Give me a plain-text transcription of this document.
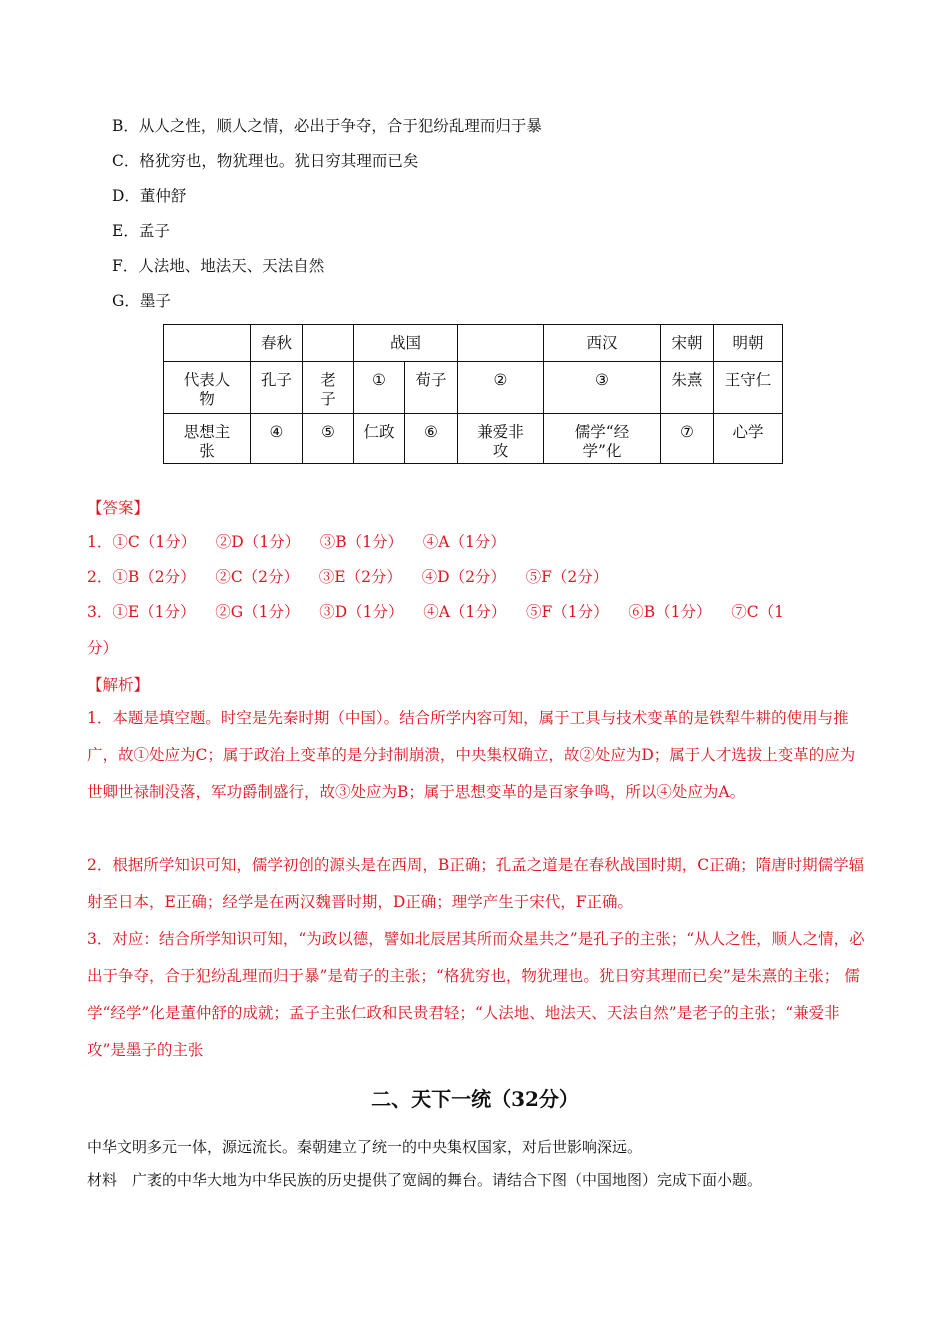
B．从人之性，顺人之情，必出于争夺，合于犯纷乱理而归于暴
C．格犹穷也，物犹理也。犹日穷其理而已矣
D．董仲舒
E．孟子
F．人法地、地法天、天法自然
G．墨子
	春秋		战国			西汉	宋朝	明朝
代表人物	孔子	老子	①	荀子	②	③	朱熹	王守仁
思想主张	④	⑤	仁政	⑥	兼爱非攻	儒学“经学”化	⑦	心学
【答案】
1．①C（1分）    ②D（1分）    ③B（1分）    ④A（1分）
2．①B（2分）    ②C（2分）    ③E（2分）    ④D（2分）    ⑤F（2分）
3．①E（1分）    ②G（1分）    ③D（1分）    ④A（1分）    ⑤F（1分）    ⑥B（1分）    ⑦C（1
分）
【解析】
1．本题是填空题。时空是先秦时期（中国）。结合所学内容可知，属于工具与技术变革的是铁犁牛耕的使用与推广，故①处应为C；属于政治上变革的是分封制崩溃，中央集权确立，故②处应为D；属于人才选拔上变革的应为世卿世禄制没落，军功爵制盛行，故③处应为B；属于思想变革的是百家争鸣，所以④处应为A。
2．根据所学知识可知，儒学初创的源头是在西周，B正确；孔孟之道是在春秋战国时期，C正确；隋唐时期儒学辐射至日本，E正确；经学是在两汉魏晋时期，D正确；理学产生于宋代，F正确。
3．对应：结合所学知识可知，“为政以德，譬如北辰居其所而众星共之”是孔子的主张；“从人之性，顺人之情，必出于争夺，合于犯纷乱理而归于暴”是荀子的主张；“格犹穷也，物犹理也。犹日穷其理而已矣”是朱熹的主张； 儒学“经学”化是董仲舒的成就；孟子主张仁政和民贵君轻；“人法地、地法天、天法自然”是老子的主张；“兼爱非攻”是墨子的主张
二、天下一统（32分）
中华文明多元一体，源远流长。秦朝建立了统一的中央集权国家，对后世影响深远。
材料　广袤的中华大地为中华民族的历史提供了宽阔的舞台。请结合下图（中国地图）完成下面小题。
